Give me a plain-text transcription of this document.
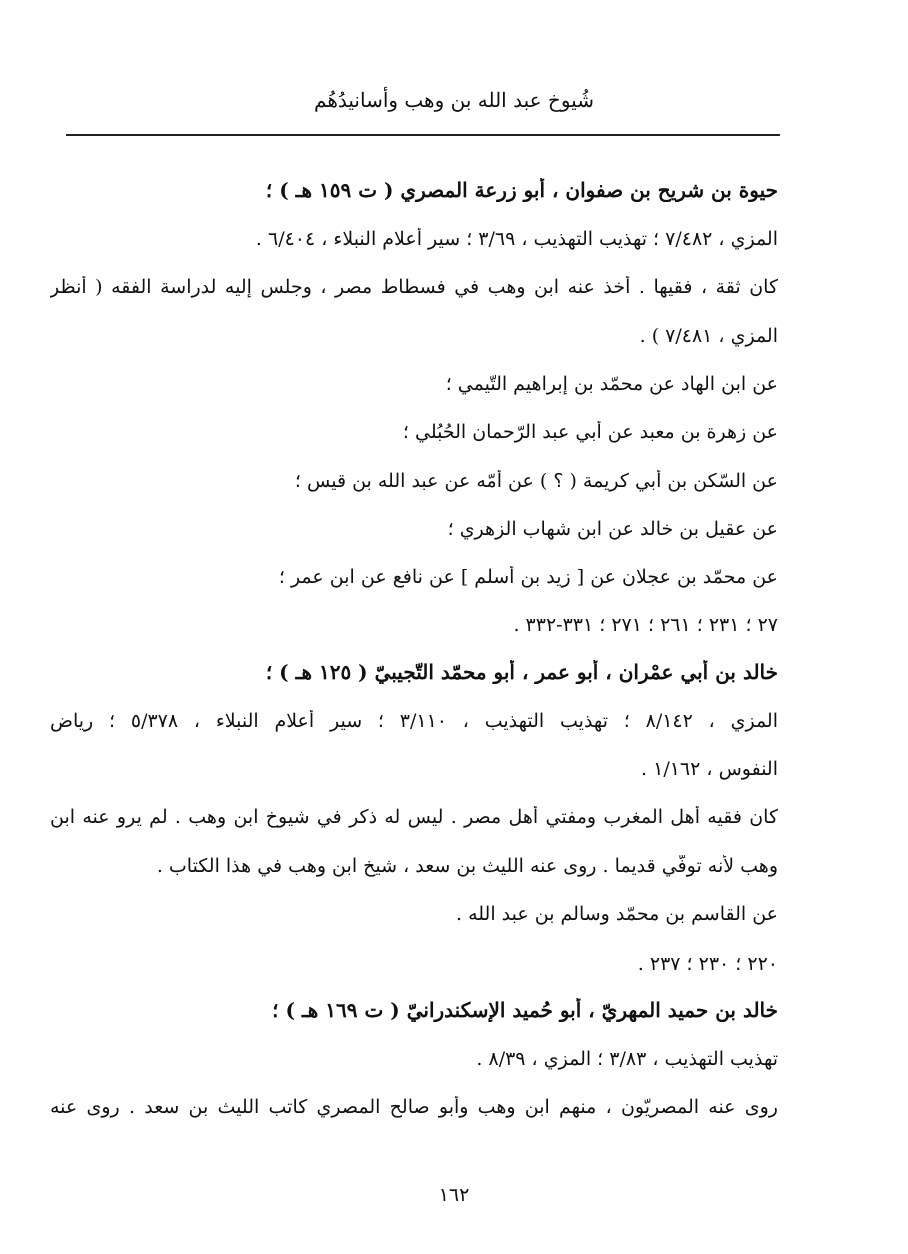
شُيوخ عبد الله بن وهب وأسانيدُهُم
حيوة بن شريح بن صفوان ، أبو زرعة المصري ( ت ١٥٩ هـ ) ؛
المزي ، ٧/٤٨٢ ؛ تهذيب التهذيب ، ٣/٦٩ ؛ سير أعلام النبلاء ، ٦/٤٠٤ .
كان ثقة ، فقيها . أخذ عنه ابن وهب في فسطاط مصر ، وجلس إليه لدراسة الفقه ( أنظر
المزي ، ٧/٤٨١ ) .
عن ابن الهاد عن محمّد بن إبراهيم التّيمي ؛
عن زهرة بن معبد عن أبي عبد الرّحمان الحُبُلي ؛
عن السّكن بن أبي كريمة ( ؟ ) عن أمّه عن عبد الله بن قيس ؛
عن عقيل بن خالد عن ابن شهاب الزهري ؛
عن محمّد بن عجلان عن [ زيد بن أسلم ] عن نافع عن ابن عمر ؛
٢٧ ؛ ٢٣١ ؛ ٢٦١ ؛ ٢٧١ ؛ ٣٣١-٣٣٢ .
خالد بن أبي عمْران ، أبو عمر ، أبو محمّد التّجيبيّ ( ١٢٥ هـ ) ؛
المزي ، ٨/١٤٢ ؛ تهذيب التهذيب ، ٣/١١٠ ؛ سير أعلام النبلاء ، ٥/٣٧٨ ؛ رياض
النفوس ، ١/١٦٢ .
كان فقيه أهل المغرب ومفتي أهل مصر . ليس له ذكر في شيوخ ابن وهب . لم يرو عنه ابن
وهب لأنه توفّي قديما . روى عنه الليث بن سعد ، شيخ ابن وهب في هذا الكتاب .
عن القاسم بن محمّد وسالم بن عبد الله .
٢٢٠ ؛ ٢٣٠ ؛ ٢٣٧ .
خالد بن حميد المهريّ ، أبو حُميد الإسكندرانيّ ( ت ١٦٩ هـ ) ؛
تهذيب التهذيب ، ٣/٨٣ ؛ المزي ، ٨/٣٩ .
روى عنه المصريّون ، منهم ابن وهب وأبو صالح المصري كاتب الليث بن سعد . روى عنه
١٦٢
